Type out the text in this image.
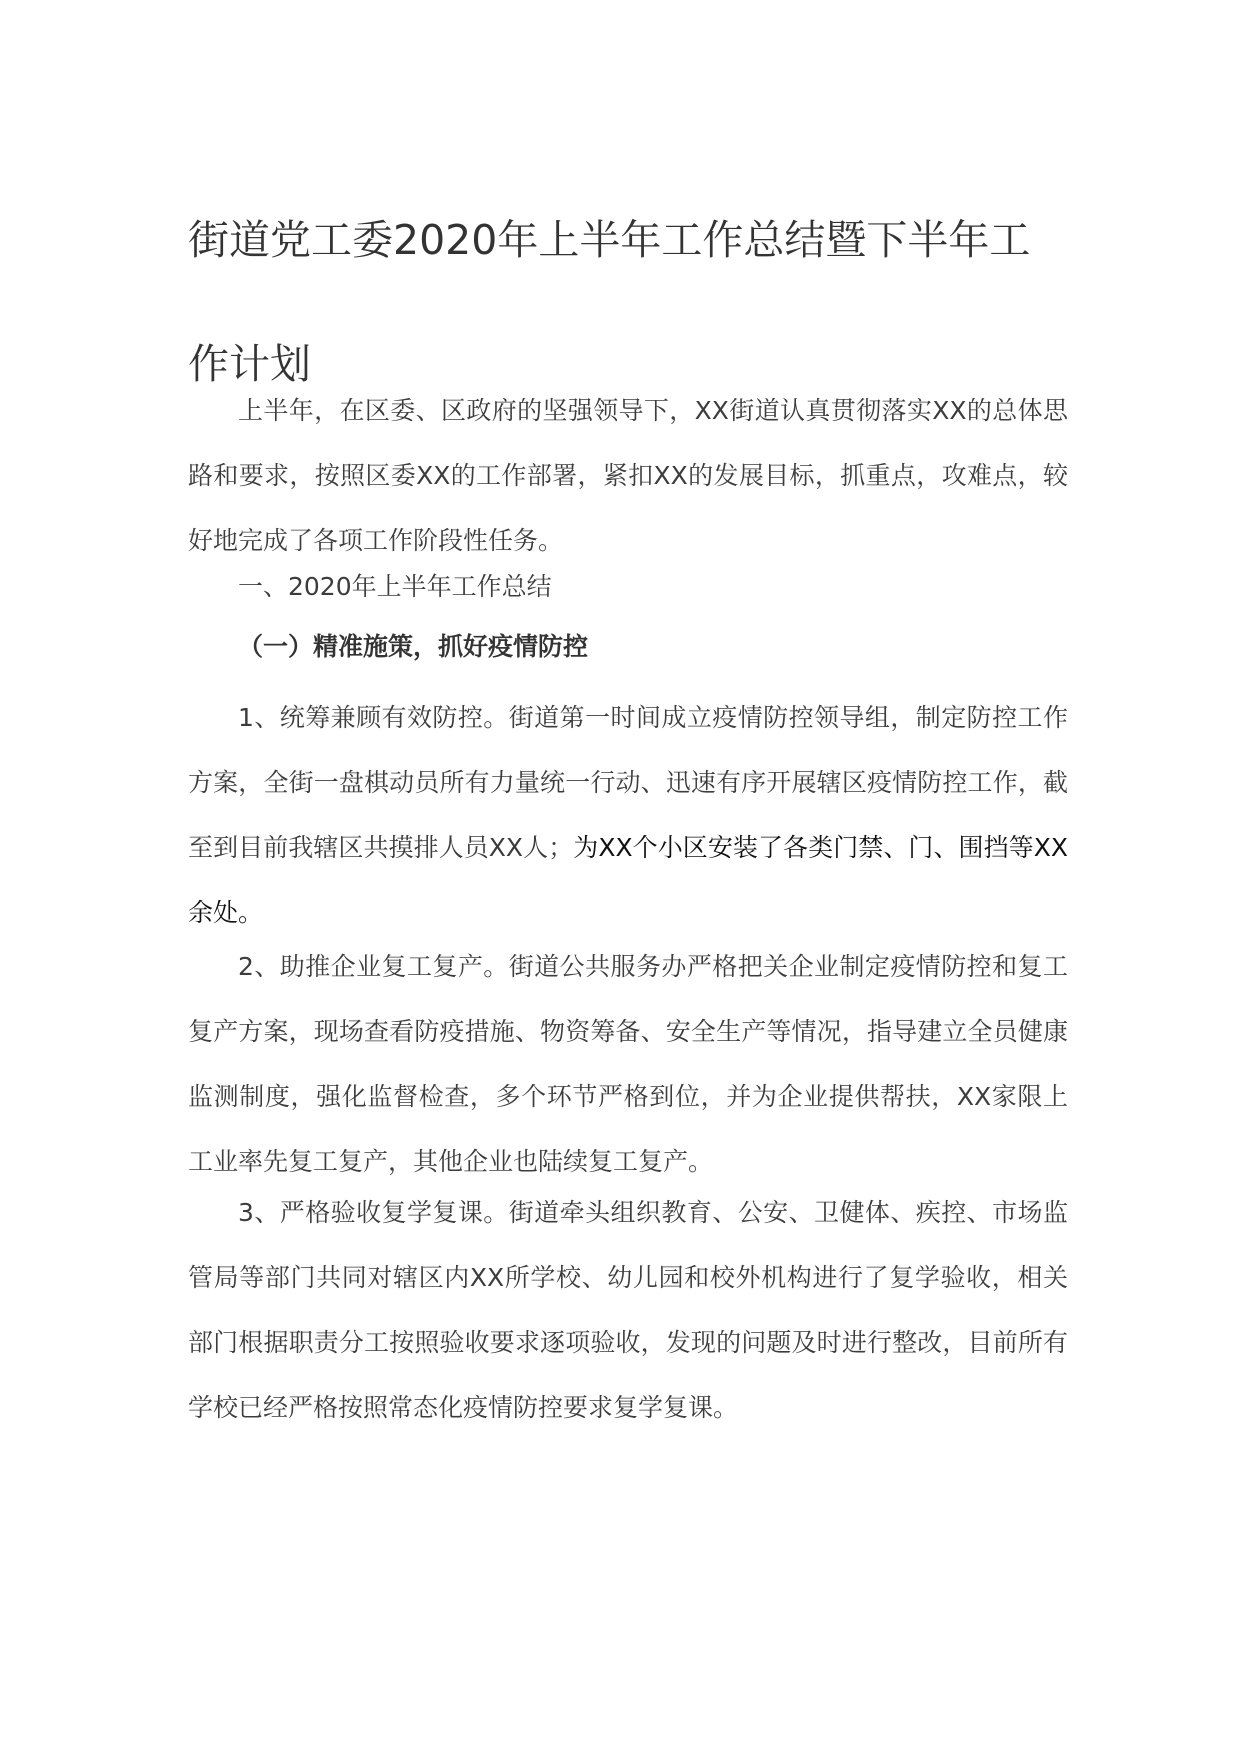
街道党工委2020年上半年工作总结暨下半年工作计划

上半年，在区委、区政府的坚强领导下，XX街道认真贯彻落实XX的总体思路和要求，按照区委XX的工作部署，紧扣XX的发展目标，抓重点，攻难点，较好地完成了各项工作阶段性任务。

一、2020年上半年工作总结

（一）精准施策，抓好疫情防控

1、统筹兼顾有效防控。街道第一时间成立疫情防控领导组，制定防控工作方案，全街一盘棋动员所有力量统一行动、迅速有序开展辖区疫情防控工作，截至到目前我辖区共摸排人员XX人；为XX个小区安装了各类门禁、门、围挡等XX余处。

2、助推企业复工复产。街道公共服务办严格把关企业制定疫情防控和复工复产方案，现场查看防疫措施、物资筹备、安全生产等情况，指导建立全员健康监测制度，强化监督检查，多个环节严格到位，并为企业提供帮扶，XX家限上工业率先复工复产，其他企业也陆续复工复产。

3、严格验收复学复课。街道牵头组织教育、公安、卫健体、疾控、市场监管局等部门共同对辖区内XX所学校、幼儿园和校外机构进行了复学验收，相关部门根据职责分工按照验收要求逐项验收，发现的问题及时进行整改，目前所有学校已经严格按照常态化疫情防控要求复学复课。
